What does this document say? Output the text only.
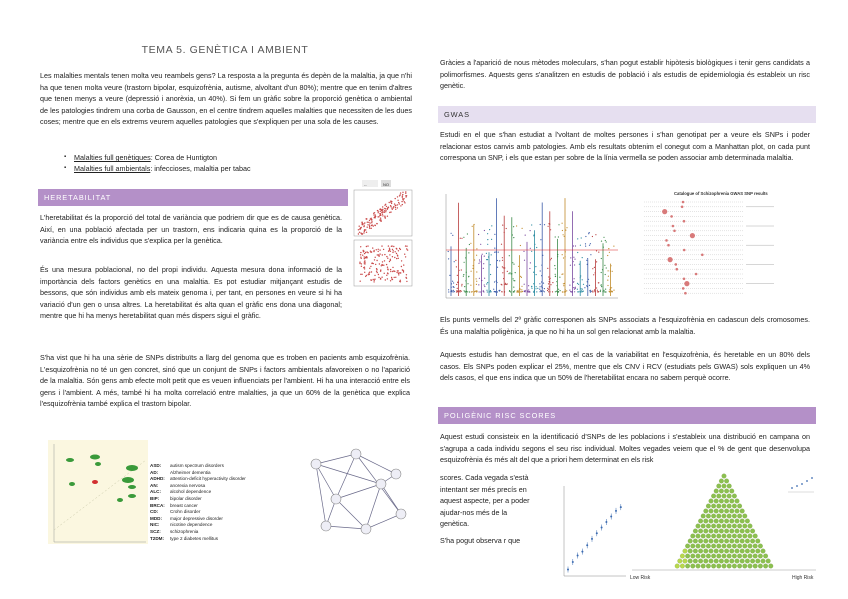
TEMA 5. GENÈTICA I AMBIENT

Les malalties mentals tenen molta veu reambels gens? La resposta a la pregunta és depèn de la malaltia, ja que n'hi ha que tenen molta veure (trastorn bipolar, esquizofrènia, autisme, alvoltant d'un 80%); mentre que en tenim d'altres que tenen menys a veure (depressió i anorèxia, un 40%). Si fem un gràfic sobre la proporció genètica o ambiental de les patologies tindrem una corba de Gausson, en el centre tindrem aquelles malalties que necessiten de les dues coses; mentre que en els extrems veurem aquelles patologies que s'expliquen per una sola de les causes.

▪ Malalties full genètiques: Corea de Huntigton
▪ Malalties full ambientals: infeccioses, malaltia per tabac
HERETABILITAT

L'heretabilitat és la proporció del total de variància que podriem dir que es de causa genètica. Així, en una població afectada per un trastorn, ens indicaria quina es la proporció de la variància entre els individus que s'explica per la genètica.

És una mesura poblacional, no del propi individu. Aquesta mesura dona informació de la importància dels factors genètics en una malaltia. Es pot estudiar mitjançant estudis de bessons, que són individus amb els mateix genoma i, per tant, en persones en veure si hi ha variació d'un gen o unsa altres. La heretabilitat és alta quan el gràfic ens dona una diagonal; mentre que hi ha menys heretabilitat quan més dispers sigui el gràfic.

S'ha vist que hi ha una sèrie de SNPs distribuïts a llarg del genoma que es troben en pacients amb esquizofrènia. L'esquizofrènia no té un gen concret, sinó que un conjunt de SNPs i factors ambientals afavoreixen o no l'aparició de la malaltia. Són gens amb efecte molt petit que es veuen influenciats per l'ambient. Hi ha una interacció entre els gens i l'ambient. A més, també hi ha molta correlació entre malalties, ja que un 60% de la genètica que explica l'esquizofrènia també explica el trastorn bipolar.

--	NO
ASD: autism spectrum disorders
AD:	Alzheimer dementia
ADHD: attention-deficit hyperactivity disorder
AN:	anorexia nervosa
ALC: alcohol dependence
BIP: bipolar disorder
BRCA: breast cancer
CD:	Crohn disorder
MDD: major depressive disorder
NIC: nicotine dependence
SCZ: schizophrenia
T2DM: type 2 diabetes mellitus

Gràcies a l'aparició de nous mètodes moleculars, s'han pogut establir hipòtesis biològiques i tenir gens candidats a polimorfismes. Aquests gens s'analitzen en estudis de població i als estudis de epidemiologia és estableix un risc genètic.

GWAS

Estudi en el que s'han estudiat a l'voltant de moltes persones i s'han genotipat per a veure els SNPs i poder relacionar estos canvis amb patologies. Amb els resultats obtenim el conegut com a Manhattan plot, on cada punt correspona un SNP, i els que estan per sobre de la línia vermella se poden associar amb determinada malaltia.

Catalogue of Schizophrenia GWAS SNP results

Els punts vermells del 2º gràfic corresponen als SNPs associats a l'esquizofrènia en cadascun dels cromosomes. És una malaltia poligènica, ja que no hi ha un sol gen relacionat amb la malaltia.

Aquests estudis han demostrat que, en el cas de la variabilitat en l'esquizofrènia, és heretable en un 80% dels casos. Els SNPs poden explicar el 25%, mentre que els CNV i RCV (estudiats pels GWAS) sols expliquen un 4% dels casos, el que ens indica que un 50% de l'heretabilitat encara no sabem perquè ocorre.

POLIGÈNIC RISC SCORES

Aquest estudi consisteix en la identificació d'SNPs de les poblacions i s'estableix una distribució en campana on s'agrupa a cada individu segons el seu risc individual. Moltes vegades veiem que el % de gent que desenvolupa esquizofrènia és més alt del que a priori hem determinat en els risk

scores. Cada vegada s'està intentant ser més precís en aquest aspecte, per a poder ajudar-nos més de la genètica.

S'ha pogut observa r que

Low Risk	High Risk
